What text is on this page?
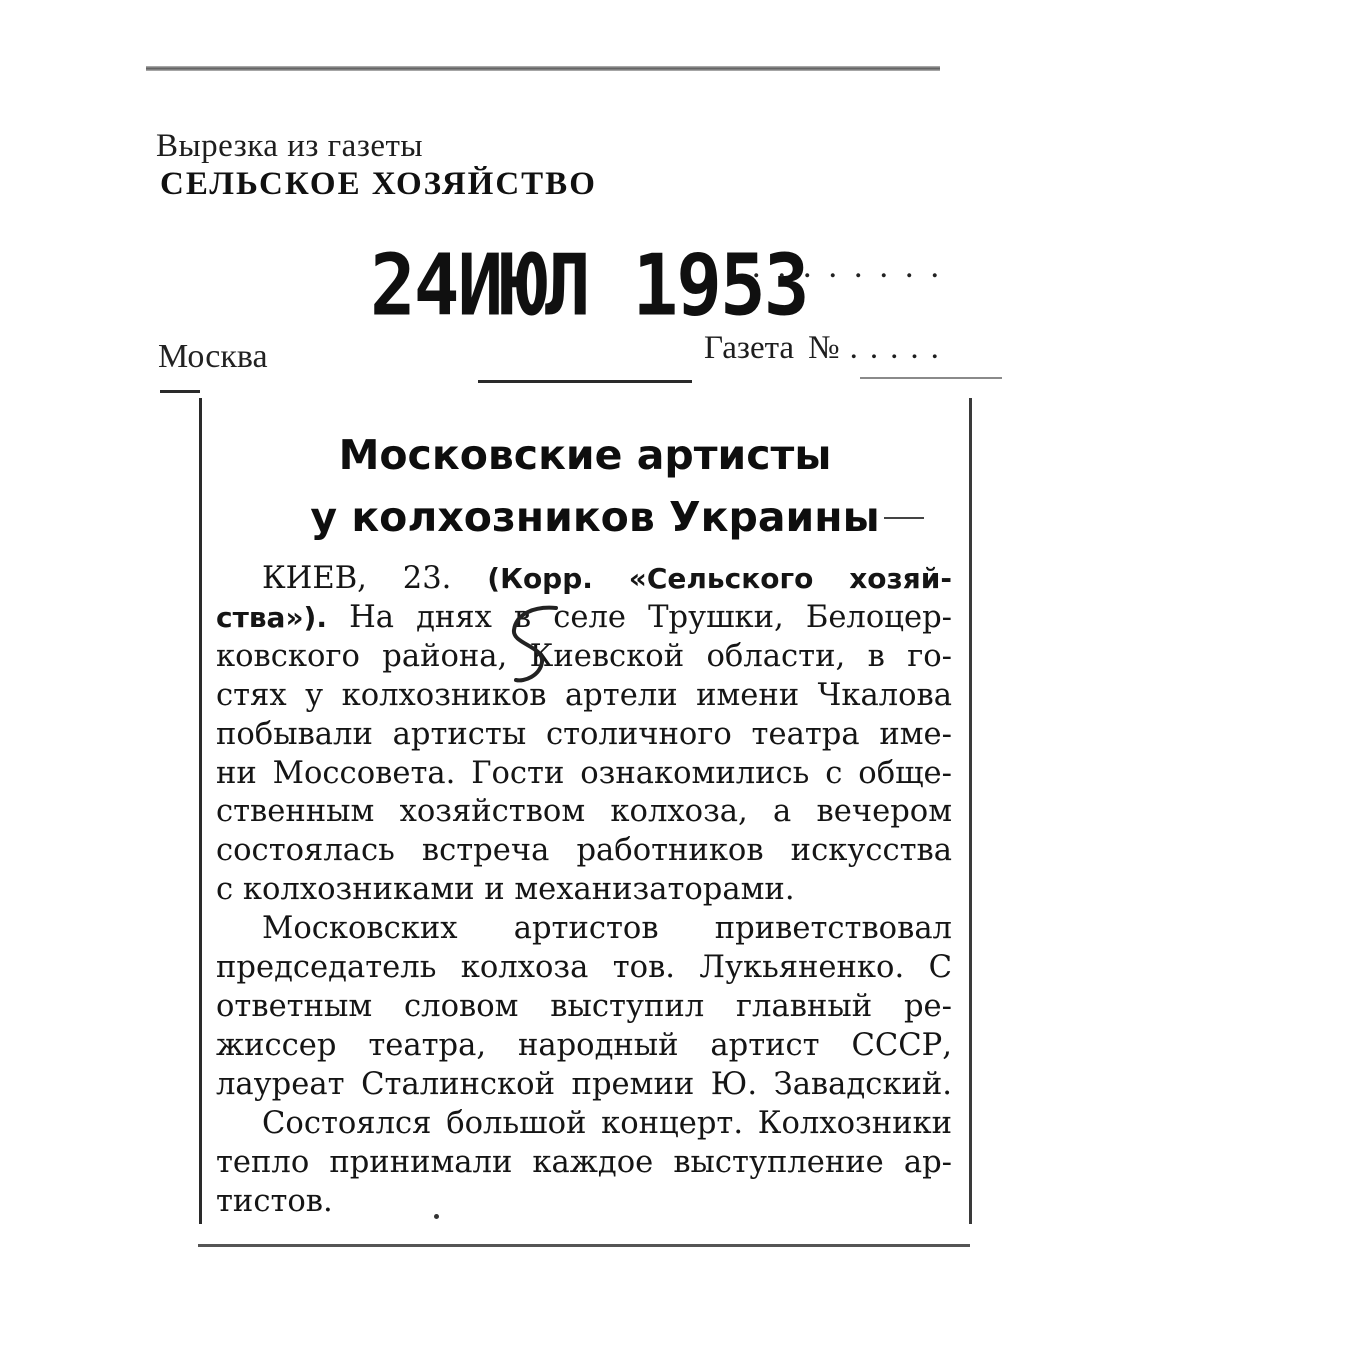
Вырезка из газеты
СЕЛЬСКОЕ ХОЗЯЙСТВО
24ИЮЛ 1953
........
Москва	Газета № .....
Московские артисты
у колхозников Украины

КИЕВ, 23. (Корр. «Сельского хозяй-
ства»). На днях в селе Трушки, Белоцер-
ковского района, Киевской области, в го-
стях у колхозников артели имени Чкалова
побывали артисты столичного театра име-
ни Моссовета. Гости ознакомились с обще-
ственным хозяйством колхоза, а вечером
состоялась встреча работников искусства
с колхозниками и механизаторами.

Московских артистов приветствовал
председатель колхоза тов. Лукьяненко. С
ответным словом выступил главный ре-
жиссер театра, народный артист СССР,
лауреат Сталинской премии Ю. Завадский.

Состоялся большой концерт. Колхозники
тепло принимали каждое выступление ар-
тистов.
